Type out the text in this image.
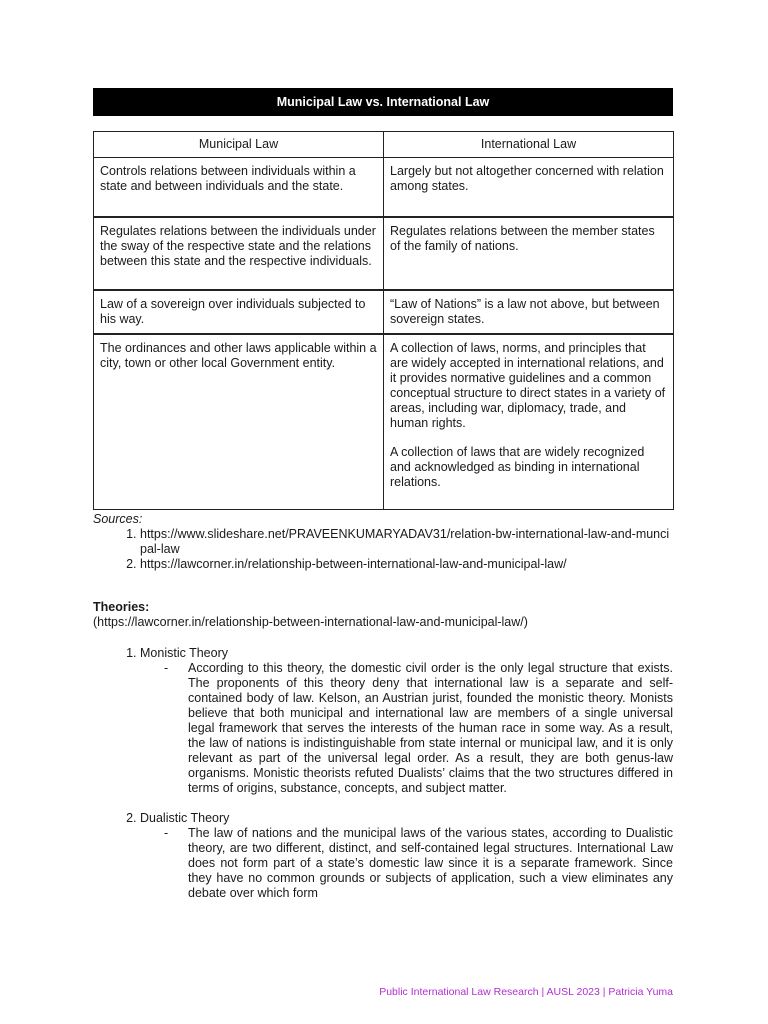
Municipal Law vs. International Law
Municipal Law	International Law

Controls relations between individuals within a state and between individuals and the state.	Largely but not altogether concerned with relation among states.

Regulates relations between the individuals under the sway of the respective state and the relations between this state and the respective individuals.	Regulates relations between the member states of the family of nations.

Law of a sovereign over individuals subjected to his way.	“Law of Nations” is a law not above, but between sovereign states.

The ordinances and other laws applicable within a city, town or other local Government entity.	A collection of laws, norms, and principles that are widely accepted in international relations, and it provides normative guidelines and a common conceptual structure to direct states in a variety of areas, including war, diplomacy, trade, and human rights.

A collection of laws that are widely recognized and acknowledged as binding in international relations.

Sources:
1. https://www.slideshare.net/PRAVEENKUMARYADAV31/relation-bw-international-law-and-muncipal-law
2. https://lawcorner.in/relationship-between-international-law-and-municipal-law/
Theories:
(https://lawcorner.in/relationship-between-international-law-and-municipal-law/)
1. Monistic Theory
-	According to this theory, the domestic civil order is the only legal structure that exists. The proponents of this theory deny that international law is a separate and self-contained body of law. Kelson, an Austrian jurist, founded the monistic theory. Monists believe that both municipal and international law are members of a single universal legal framework that serves the interests of the human race in some way. As a result, the law of nations is indistinguishable from state internal or municipal law, and it is only relevant as part of the universal legal order. As a result, they are both genus-law organisms. Monistic theorists refuted Dualists’ claims that the two structures differed in terms of origins, substance, concepts, and subject matter.
2. Dualistic Theory
-	The law of nations and the municipal laws of the various states, according to Dualistic theory, are two different, distinct, and self-contained legal structures. International Law does not form part of a state’s domestic law since it is a separate framework. Since they have no common grounds or subjects of application, such a view eliminates any debate over which form
Public International Law Research | AUSL 2023 | Patricia Yuma
